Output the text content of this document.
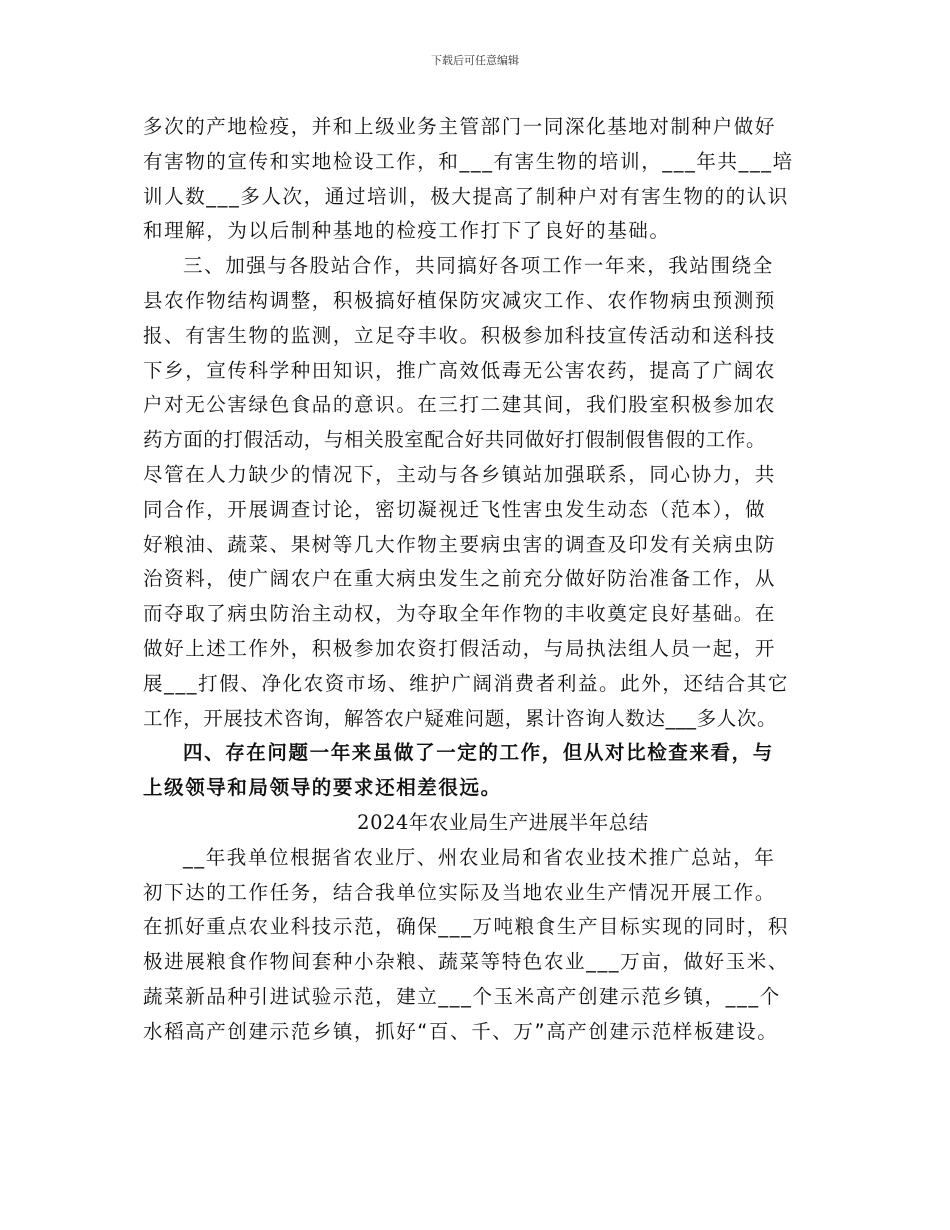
下载后可任意编辑
多次的产地检疫，并和上级业务主管部门一同深化基地对制种户做好
有害物的宣传和实地检设工作，和___有害生物的培训，___年共___培
训人数___多人次，通过培训，极大提高了制种户对有害生物的的认识
和理解，为以后制种基地的检疫工作打下了良好的基础。
三、加强与各股站合作，共同搞好各项工作一年来，我站围绕全
县农作物结构调整，积极搞好植保防灾减灾工作、农作物病虫预测预
报、有害生物的监测，立足夺丰收。积极参加科技宣传活动和送科技
下乡，宣传科学种田知识，推广高效低毒无公害农药，提高了广阔农
户对无公害绿色食品的意识。在三打二建其间，我们股室积极参加农
药方面的打假活动，与相关股室配合好共同做好打假制假售假的工作。
尽管在人力缺少的情况下，主动与各乡镇站加强联系，同心协力，共
同合作，开展调查讨论，密切凝视迁飞性害虫发生动态（范本），做
好粮油、蔬菜、果树等几大作物主要病虫害的调查及印发有关病虫防
治资料，使广阔农户在重大病虫发生之前充分做好防治准备工作，从
而夺取了病虫防治主动权，为夺取全年作物的丰收奠定良好基础。在
做好上述工作外，积极参加农资打假活动，与局执法组人员一起，开
展___打假、净化农资市场、维护广阔消费者利益。此外，还结合其它
工作，开展技术咨询，解答农户疑难问题，累计咨询人数达___多人次。
四、存在问题一年来虽做了一定的工作，但从对比检查来看，与
上级领导和局领导的要求还相差很远。
2024年农业局生产进展半年总结
__年我单位根据省农业厅、州农业局和省农业技术推广总站，年
初下达的工作任务，结合我单位实际及当地农业生产情况开展工作。
在抓好重点农业科技示范，确保___万吨粮食生产目标实现的同时，积
极进展粮食作物间套种小杂粮、蔬菜等特色农业___万亩，做好玉米、
蔬菜新品种引进试验示范，建立___个玉米高产创建示范乡镇，___个
水稻高产创建示范乡镇，抓好“百、千、万”高产创建示范样板建设。
